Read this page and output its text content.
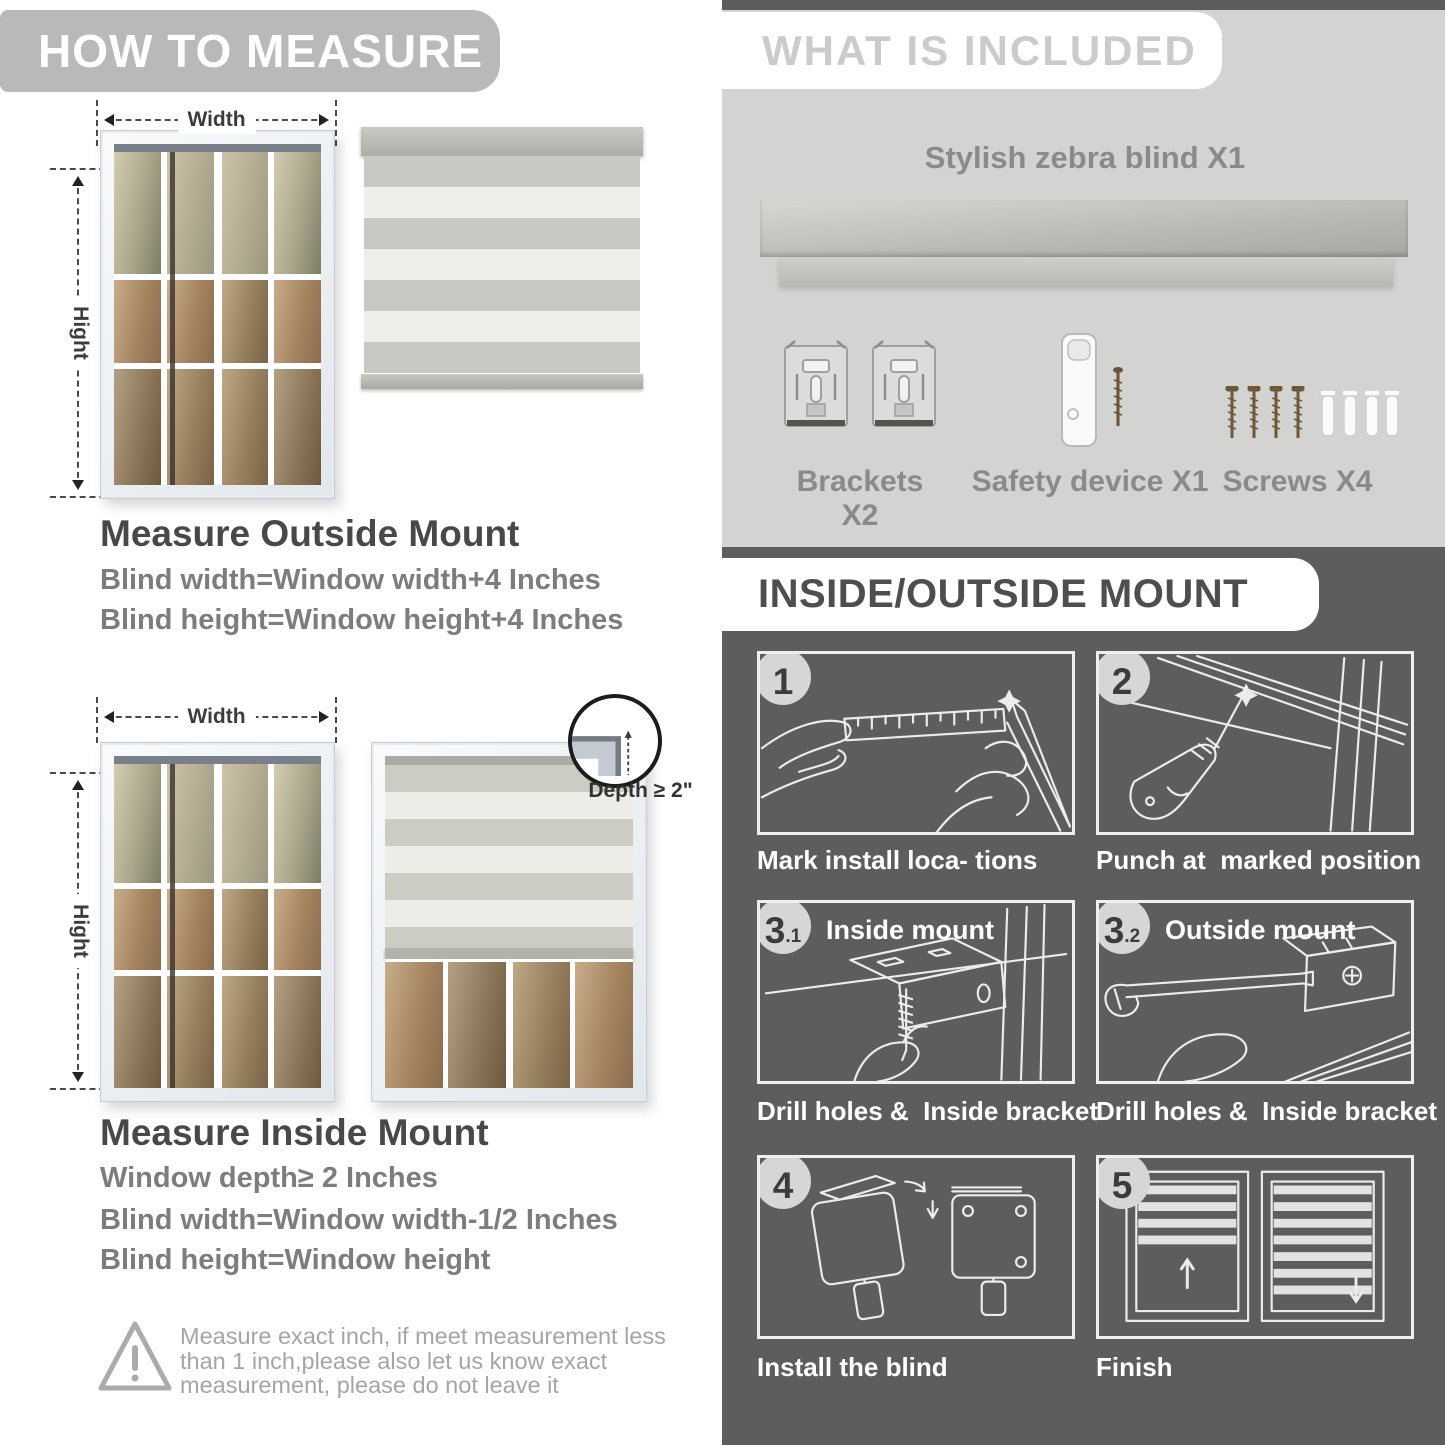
HOW TO MEASURE
Width
Hight
Measure Outside Mount
Blind width=Window width+4 Inches
Blind height=Window height+4 Inches
Width
Hight
Depth ≥ 2"
Measure Inside Mount
Window depth≥ 2 Inches
Blind width=Window width-1/2 Inches
Blind height=Window height
Measure exact inch, if meet measurement less
than 1 inch,please also let us know exact
measurement, please do not leave it
WHAT IS INCLUDED
Stylish zebra blind X1
Brackets X2
Safety device X1 Screws X4
INSIDE/OUTSIDE MOUNT
1
Mark install loca- tions
2
Punch at  marked position
3 .1 Inside mount
Drill holes &  Inside bracket
3 .2 Outside mount
Drill holes &  Inside bracket
4
Install the blind
5
Finish
